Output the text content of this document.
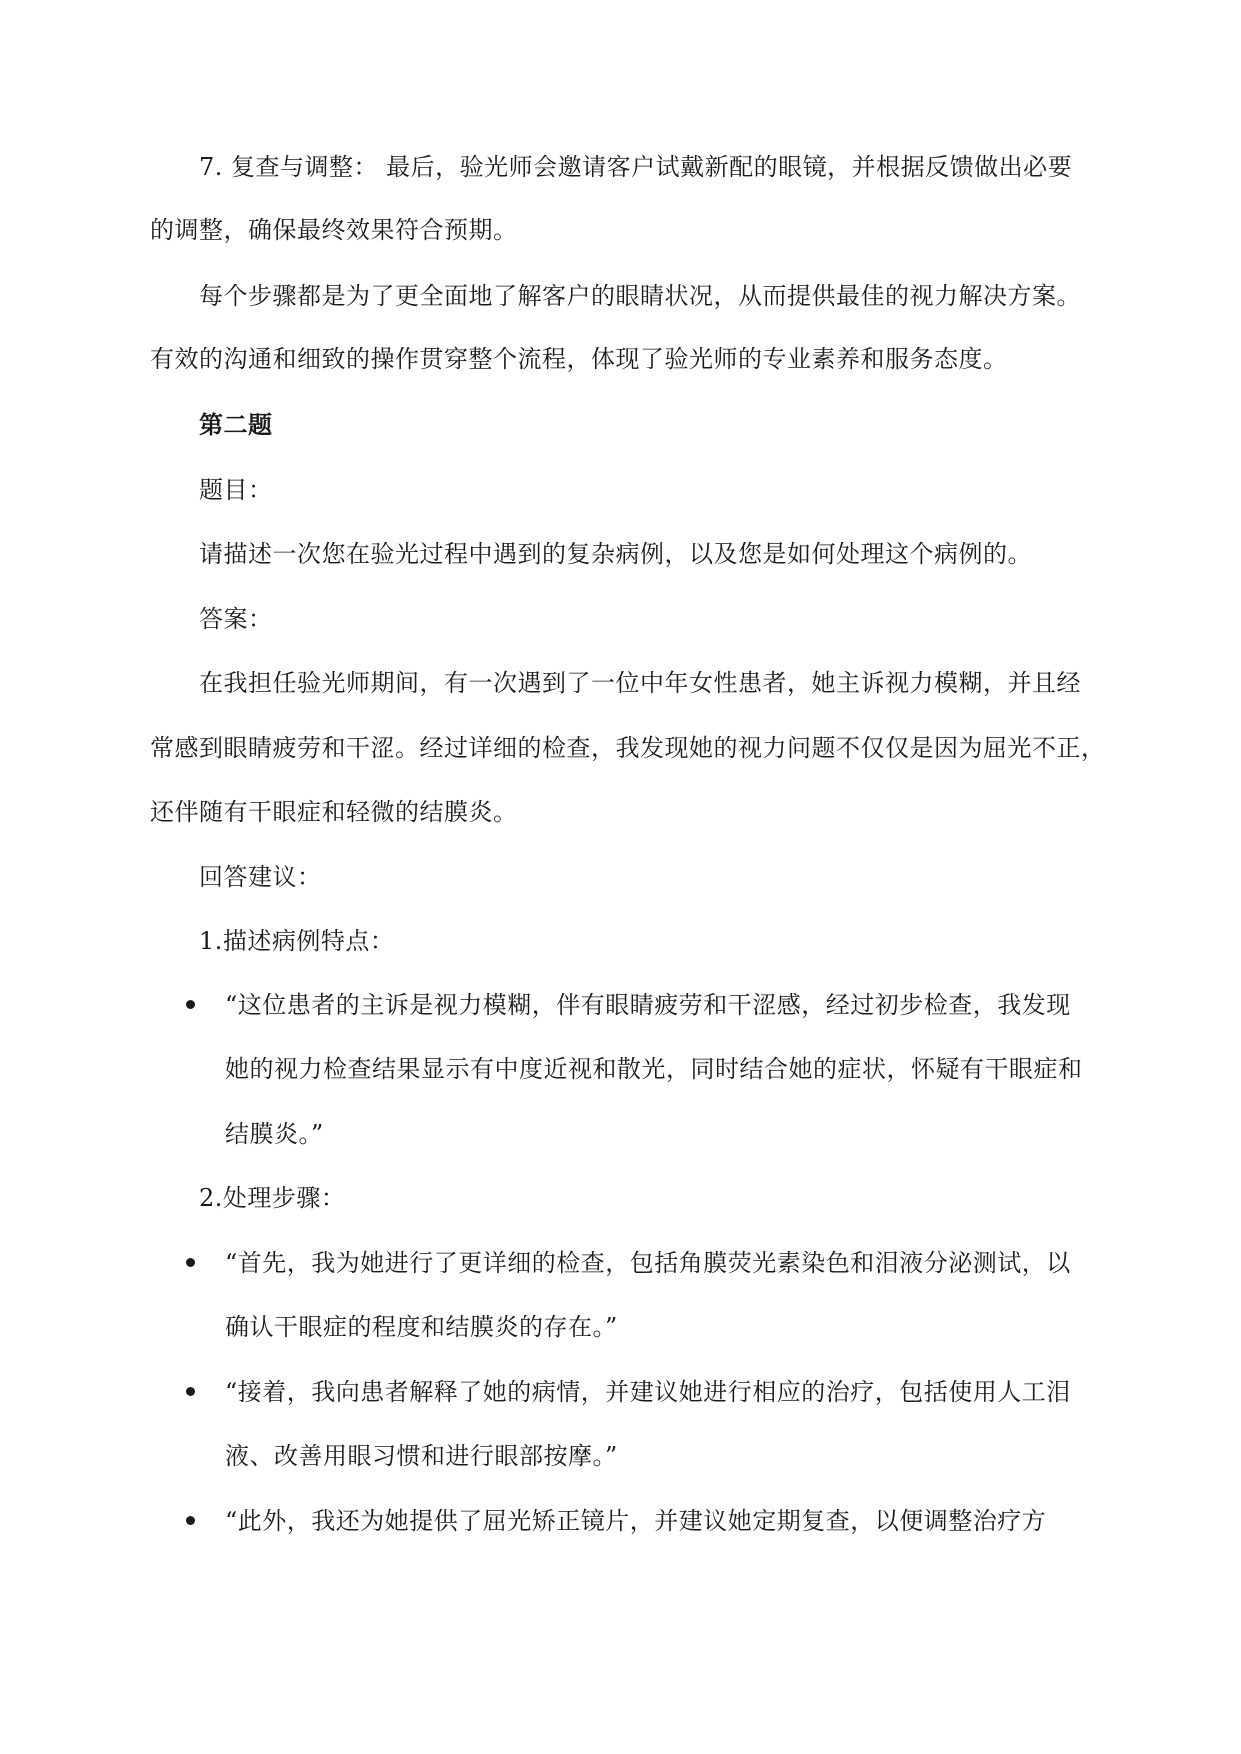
7. 复查与调整： 最后，验光师会邀请客户试戴新配的眼镜，并根据反馈做出必要
的调整，确保最终效果符合预期。
每个步骤都是为了更全面地了解客户的眼睛状况，从而提供最佳的视力解决方案。
有效的沟通和细致的操作贯穿整个流程，体现了验光师的专业素养和服务态度。
第二题
题目：
请描述一次您在验光过程中遇到的复杂病例，以及您是如何处理这个病例的。
答案：
在我担任验光师期间，有一次遇到了一位中年女性患者，她主诉视力模糊，并且经
常感到眼睛疲劳和干涩。经过详细的检查，我发现她的视力问题不仅仅是因为屈光不正，
还伴随有干眼症和轻微的结膜炎。
回答建议：
1.描述病例特点：
“这位患者的主诉是视力模糊，伴有眼睛疲劳和干涩感，经过初步检查，我发现
她的视力检查结果显示有中度近视和散光，同时结合她的症状，怀疑有干眼症和
结膜炎。”
2.处理步骤：
“首先，我为她进行了更详细的检查，包括角膜荧光素染色和泪液分泌测试，以
确认干眼症的程度和结膜炎的存在。”
“接着，我向患者解释了她的病情，并建议她进行相应的治疗，包括使用人工泪
液、改善用眼习惯和进行眼部按摩。”
“此外，我还为她提供了屈光矫正镜片，并建议她定期复查，以便调整治疗方
